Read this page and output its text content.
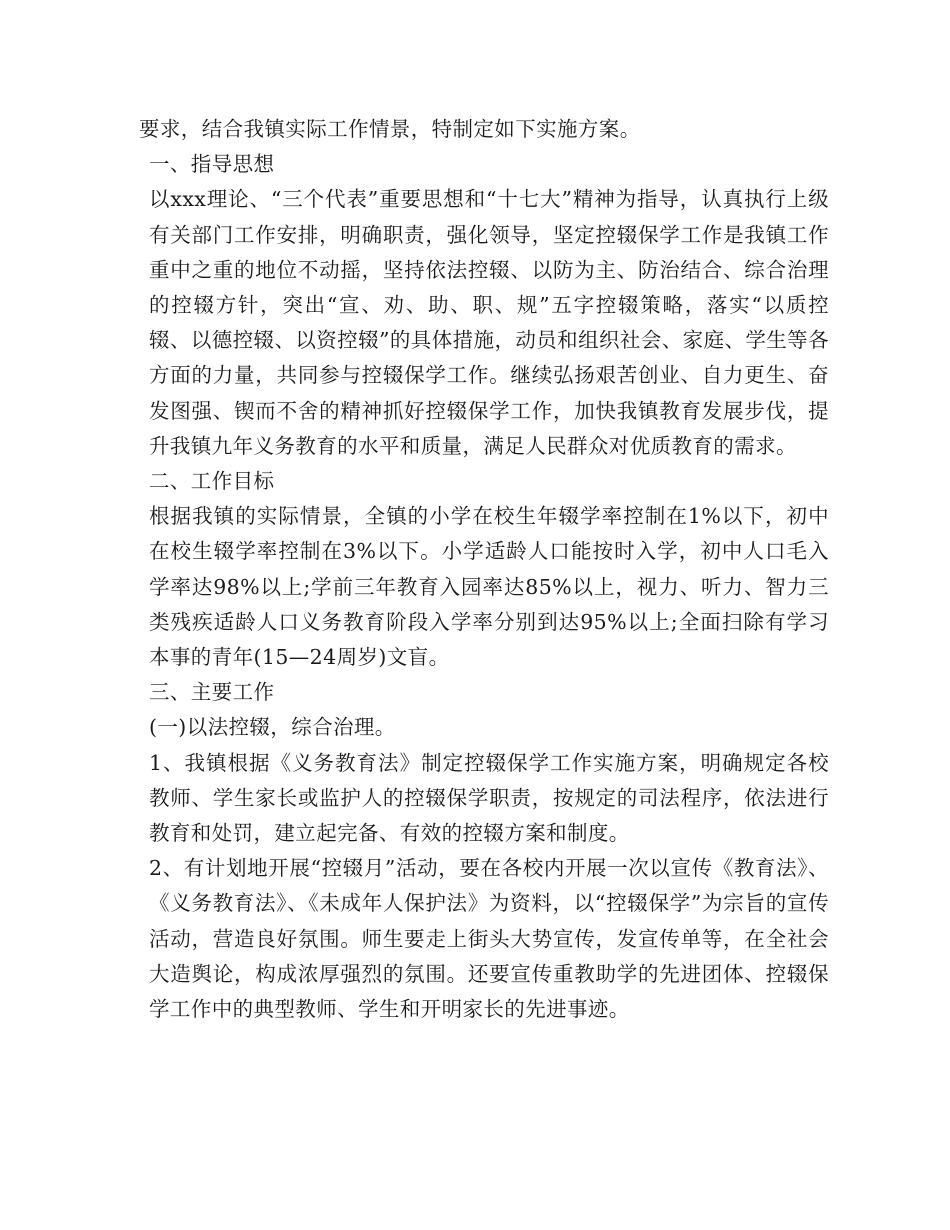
要求，结合我镇实际工作情景，特制定如下实施方案。

一、指导思想

以xxx理论、“三个代表”重要思想和“十七大”精神为指导，认真执行上级有关部门工作安排，明确职责，强化领导，坚定控辍保学工作是我镇工作重中之重的地位不动摇，坚持依法控辍、以防为主、防治结合、综合治理的控辍方针，突出“宣、劝、助、职、规”五字控辍策略，落实“以质控辍、以德控辍、以资控辍”的具体措施，动员和组织社会、家庭、学生等各方面的力量，共同参与控辍保学工作。继续弘扬艰苦创业、自力更生、奋发图强、锲而不舍的精神抓好控辍保学工作，加快我镇教育发展步伐，提升我镇九年义务教育的水平和质量，满足人民群众对优质教育的需求。

二、工作目标

根据我镇的实际情景，全镇的小学在校生年辍学率控制在1%以下，初中在校生辍学率控制在3%以下。小学适龄人口能按时入学，初中人口毛入学率达98%以上;学前三年教育入园率达85%以上，视力、听力、智力三类残疾适龄人口义务教育阶段入学率分别到达95%以上;全面扫除有学习本事的青年(15—24周岁)文盲。

三、主要工作

(一)以法控辍，综合治理。

1、我镇根据《义务教育法》制定控辍保学工作实施方案，明确规定各校教师、学生家长或监护人的控辍保学职责，按规定的司法程序，依法进行教育和处罚，建立起完备、有效的控辍方案和制度。

2、有计划地开展“控辍月”活动，要在各校内开展一次以宣传《教育法》、《义务教育法》、《未成年人保护法》为资料，以“控辍保学”为宗旨的宣传活动，营造良好氛围。师生要走上街头大势宣传，发宣传单等，在全社会大造舆论，构成浓厚强烈的氛围。还要宣传重教助学的先进团体、控辍保学工作中的典型教师、学生和开明家长的先进事迹。
